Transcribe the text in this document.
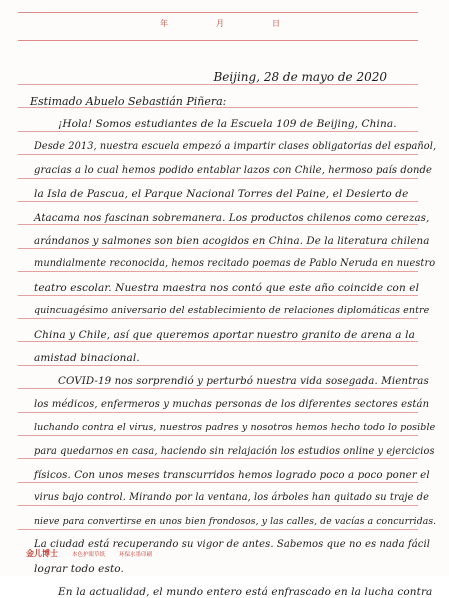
年	月	日
Beijing, 28 de mayo de 2020
Estimado Abuelo Sebastián Piñera:
¡Hola! Somos estudiantes de la Escuela 109 de Beijing, China.
Desde 2013, nuestra escuela empezó a impartir clases obligatorias del español,
gracias a lo cual hemos podido entablar lazos con Chile, hermoso país donde
la Isla de Pascua, el Parque Nacional Torres del Paine, el Desierto de
Atacama nos fascinan sobremanera. Los productos chilenos como cerezas,
arándanos y salmones son bien acogidos en China. De la literatura chilena
mundialmente reconocida, hemos recitado poemas de Pablo Neruda en nuestro
teatro escolar. Nuestra maestra nos contó que este año coincide con el
quincuagésimo aniversario del establecimiento de relaciones diplomáticas entre
China y Chile, así que queremos aportar nuestro granito de arena a la
amistad binacional.
COVID-19 nos sorprendió y perturbó nuestra vida sosegada. Mientras
los médicos, enfermeros y muchas personas de los diferentes sectores están
luchando contra el virus, nuestros padres y nosotros hemos hecho todo lo posible
para quedarnos en casa, haciendo sin relajación los estudios online y ejercicios
físicos. Con unos meses transcurridos hemos logrado poco a poco poner el
virus bajo control. Mirando por la ventana, los árboles han quitado su traje de
nieve para convertirse en unos bien frondosos, y las calles, de vacías a concurridas.
La ciudad está recuperando su vigor de antes. Sabemos que no es nada fácil
lograr todo esto.
En la actualidad, el mundo entero está enfrascado en la lucha contra
金儿博士	本色护眼草纸	环保水墨印刷
